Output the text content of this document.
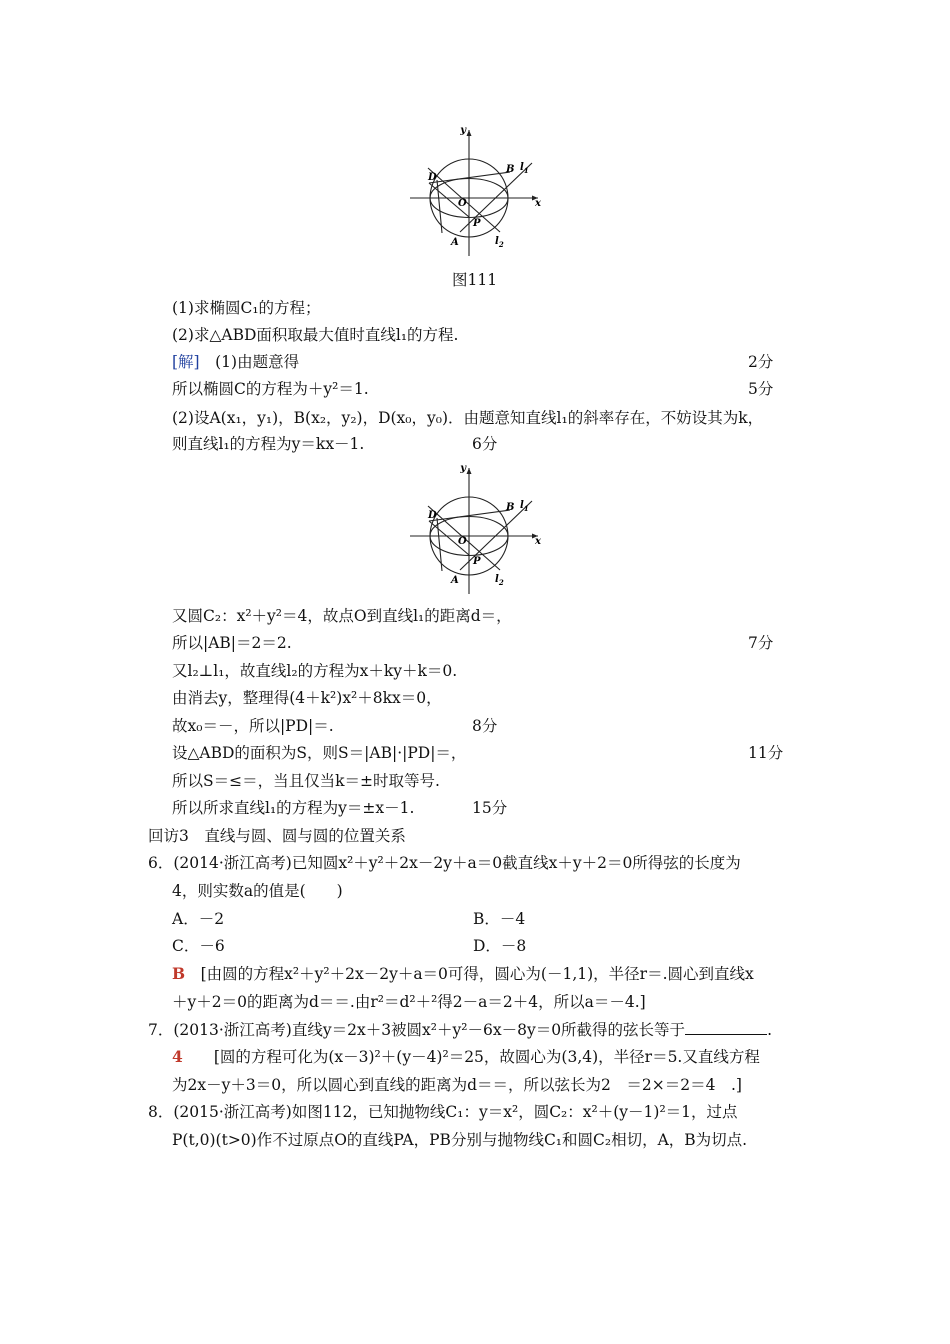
y
x
O
P
A
B
D
$l_1$
$l_2$
图111
(1)求椭圆C₁的方程；
(2)求△ABD面积取最大值时直线l₁的方程.
[解]　 (1)由题意得	2分
所以椭圆C的方程为＋y²＝1.	5分
(2)设A(x₁，y₁)，B(x₂，y₂)，D(x₀，y₀)．由题意知直线l₁的斜率存在，不妨设其为k，
则直线l₁的方程为y＝kx－1.	6分
y
x
O
P
A
B
D
$l_1$
$l_2$
又圆C₂：x²＋y²＝4，故点O到直线l₁的距离d＝，
所以|AB|＝2＝2.	7分
又l₂⊥l₁，故直线l₂的方程为x＋ky＋k＝0.
由消去y，整理得(4＋k²)x²＋8kx＝0，
故x₀＝－，所以|PD|＝.	8分
设△ABD的面积为S，则S＝|AB|·|PD|＝，	11分
所以S＝≤＝，当且仅当k＝±时取等号.
所以所求直线l₁的方程为y＝±x－1.	15分
回访3　直线与圆、圆与圆的位置关系
6．(2014·浙江高考)已知圆x²＋y²＋2x－2y＋a＝0截直线x＋y＋2＝0所得弦的长度为
4，则实数a的值是(　　)
A．－2	B．－4
C．－6	D．－8
B　 [由圆的方程x²＋y²＋2x－2y＋a＝0可得，圆心为(－1,1)，半径r＝.圆心到直线x
＋y＋2＝0的距离为d＝＝.由r²＝d²＋²得2－a＝2＋4，所以a＝－4.]
7．(2013·浙江高考)直线y＝2x＋3被圆x²＋y²－6x－8y＝0所截得的弦长等于	.
4　　 [圆的方程可化为(x－3)²＋(y－4)²＝25，故圆心为(3,4)，半径r＝5.又直线方程
为2x－y＋3＝0，所以圆心到直线的距离为d＝＝，所以弦长为2　＝2×＝2＝4　.]
8．(2015·浙江高考)如图112，已知抛物线C₁：y＝x²，圆C₂：x²＋(y－1)²＝1，过点
P(t,0)(t>0)作不过原点O的直线PA，PB分别与抛物线C₁和圆C₂相切，A，B为切点.
